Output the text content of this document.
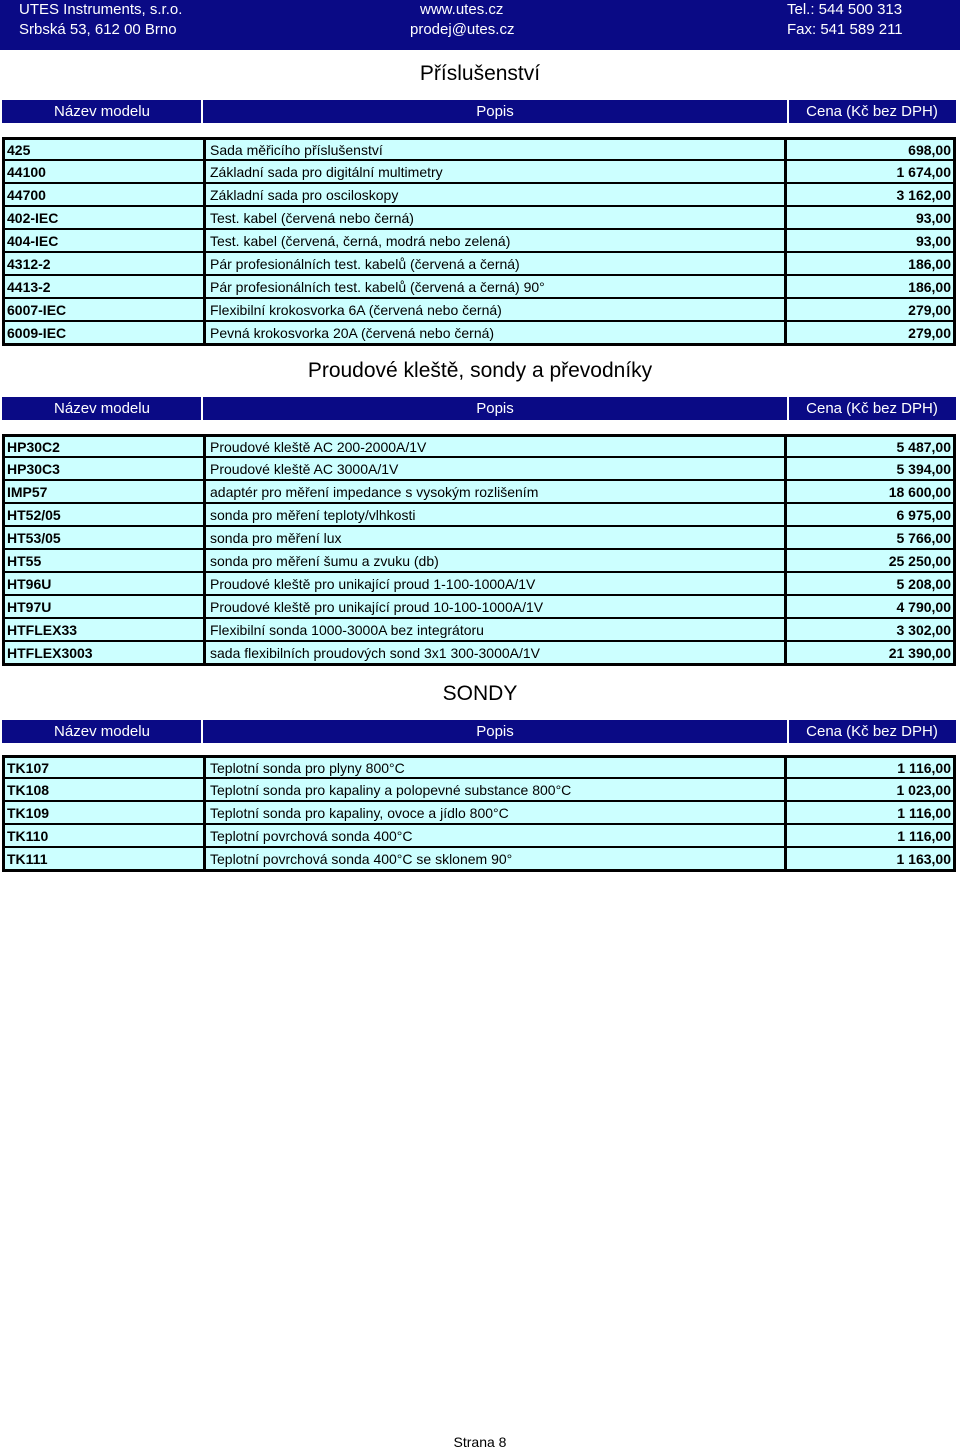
UTES Instruments, s.r.o.
Srbská 53, 612 00 Brno
www.utes.cz
prodej@utes.cz
Tel.: 544 500 313
Fax: 541 589 211
Příslušenství
Název modelu	Popis	Cena (Kč bez DPH)
425	Sada měřicího příslušenství	698,00
44100	Základní sada pro digitální multimetry	1 674,00
44700	Základní sada pro osciloskopy	3 162,00
402-IEC	Test. kabel (červená nebo černá)	93,00
404-IEC	Test. kabel (červená, černá, modrá nebo zelená)	93,00
4312-2	Pár profesionálních test. kabelů (červená a černá)	186,00
4413-2	Pár profesionálních test. kabelů (červená a černá) 90°	186,00
6007-IEC	Flexibilní krokosvorka 6A (červená nebo černá)	279,00
6009-IEC	Pevná krokosvorka 20A (červená nebo černá)	279,00
Proudové kleště, sondy a převodníky
Název modelu	Popis	Cena (Kč bez DPH)
HP30C2	Proudové kleště AC 200-2000A/1V	5 487,00
HP30C3	Proudové kleště AC 3000A/1V	5 394,00
IMP57	adaptér pro měření impedance s vysokým rozlišením	18 600,00
HT52/05	sonda pro měření teploty/vlhkosti	6 975,00
HT53/05	sonda pro měření lux	5 766,00
HT55	sonda pro měření šumu a zvuku (db)	25 250,00
HT96U	Proudové kleště pro unikající proud 1-100-1000A/1V	5 208,00
HT97U	Proudové kleště pro unikající proud 10-100-1000A/1V	4 790,00
HTFLEX33	Flexibilní sonda 1000-3000A bez integrátoru	3 302,00
HTFLEX3003	sada flexibilních proudových sond 3x1 300-3000A/1V	21 390,00
SONDY
Název modelu	Popis	Cena (Kč bez DPH)
TK107	Teplotní sonda pro plyny 800°C	1 116,00
TK108	Teplotní sonda pro kapaliny a polopevné substance 800°C	1 023,00
TK109	Teplotní sonda pro kapaliny, ovoce a jídlo 800°C	1 116,00
TK110	Teplotní povrchová sonda 400°C	1 116,00
TK111	Teplotní povrchová sonda 400°C se sklonem 90°	1 163,00
Strana 8
